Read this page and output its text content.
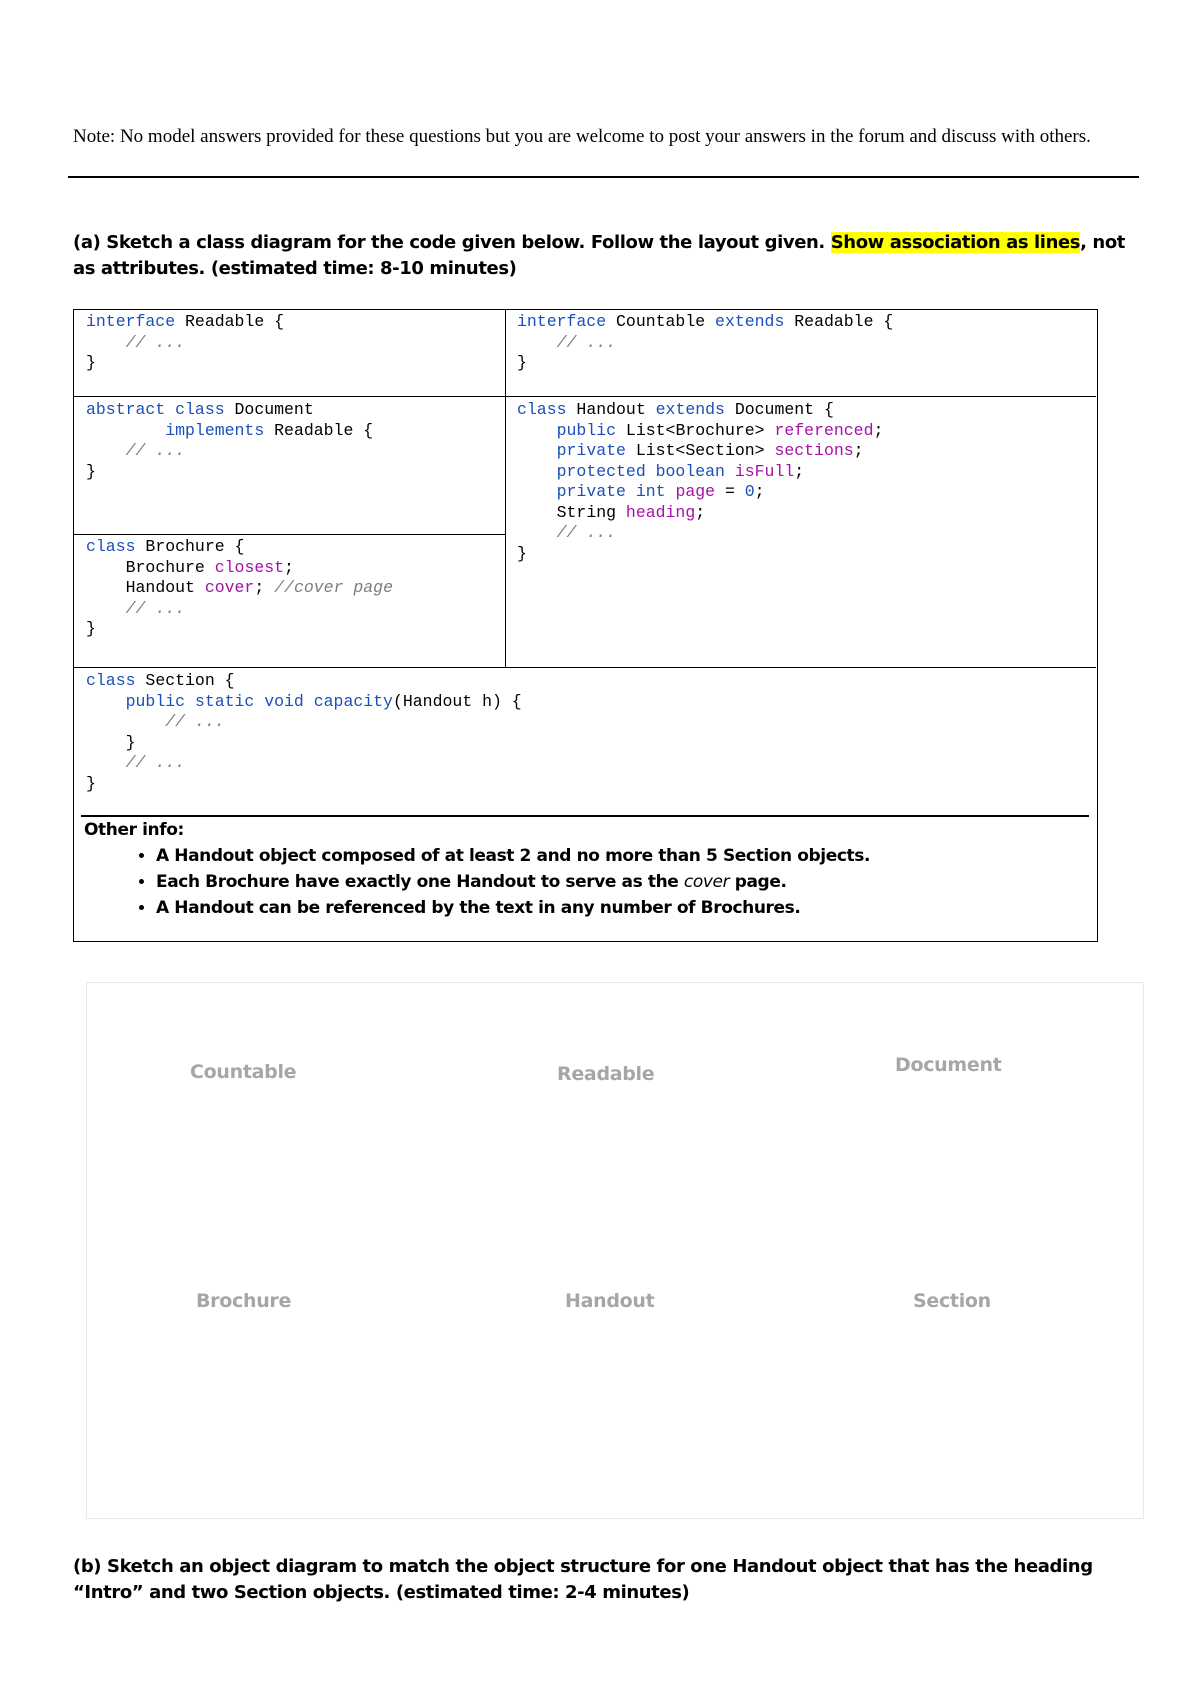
Note: No model answers provided for these questions but you are welcome to post your answers in the forum and discuss with others.
(a) Sketch a class diagram for the code given below. Follow the layout given. Show association as lines, not as attributes. (estimated time: 8-10 minutes)
interface Readable {
// ...
}
interface Countable extends Readable {
// ...
}
abstract class Document
implements Readable {
// ...
}
class Handout extends Document {
public List<Brochure> referenced;
private List<Section> sections;
protected boolean isFull;
private int page = 0;
String heading;
// ...
}
class Brochure {
Brochure closest;
Handout cover; //cover page
// ...
}
class Section {
public static void capacity(Handout h) {
// ...
}
// ...
}
Other info:
• A Handout object composed of at least 2 and no more than 5 Section objects.
• Each Brochure have exactly one Handout to serve as the cover page.
• A Handout can be referenced by the text in any number of Brochures.
Countable	Readable	Document
Brochure	Handout	Section
(b) Sketch an object diagram to match the object structure for one Handout object that has the heading “Intro” and two Section objects. (estimated time: 2-4 minutes)
